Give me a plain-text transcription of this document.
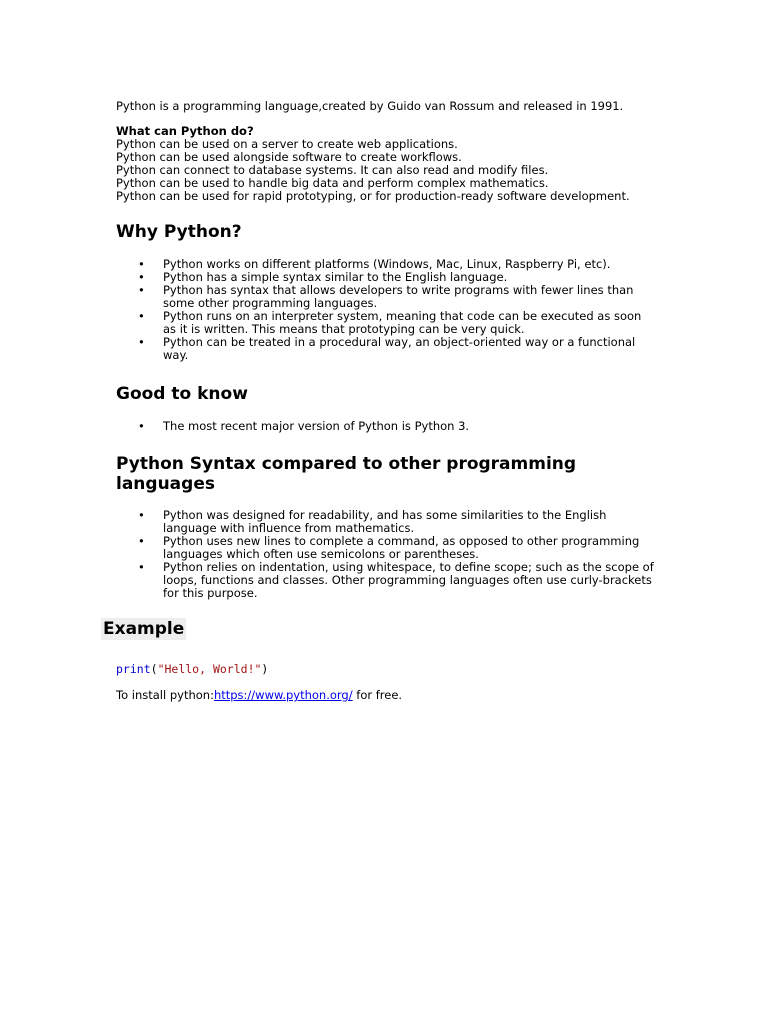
Python is a programming language,created by Guido van Rossum and released in 1991.

What can Python do?

Python can be used on a server to create web applications.

Python can be used alongside software to create workflows.

Python can connect to database systems. It can also read and modify files.

Python can be used to handle big data and perform complex mathematics.

Python can be used for rapid prototyping, or for production-ready software development.

Why Python?
• Python works on different platforms (Windows, Mac, Linux, Raspberry Pi, etc).
• Python has a simple syntax similar to the English language.
• Python has syntax that allows developers to write programs with fewer lines than some other programming languages.
• Python runs on an interpreter system, meaning that code can be executed as soon as it is written. This means that prototyping can be very quick.
• Python can be treated in a procedural way, an object-oriented way or a functional way.
Good to know
• The most recent major version of Python is Python 3.
Python Syntax compared to other programming languages
• Python was designed for readability, and has some similarities to the English language with influence from mathematics.
• Python uses new lines to complete a command, as opposed to other programming languages which often use semicolons or parentheses.
• Python relies on indentation, using whitespace, to define scope; such as the scope of loops, functions and classes. Other programming languages often use curly-brackets for this purpose.
Example
print("Hello, World!")
To install python:https://www.python.org/ for free.
